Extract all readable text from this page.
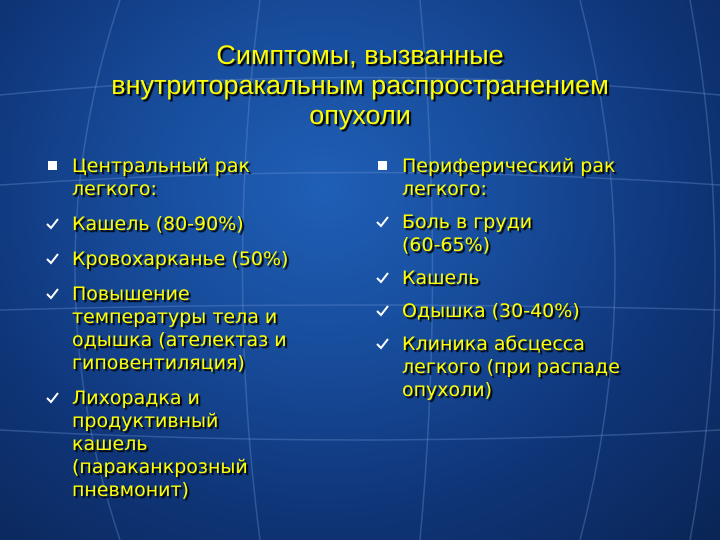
Симптомы, вызванные
внутриторакальным распространением
опухоли
Центральный рак
легкого:
Кашель (80-90%)
Кровохарканье (50%)
Повышение
температуры тела и
одышка (ателектаз и
гиповентиляция)
Лихорадка и
продуктивный
кашель
(параканкрозный
пневмонит)
Периферический рак
легкого:
Боль в груди
(60-65%)
Кашель
Одышка (30-40%)
Клиника абсцесса
легкого (при распаде
опухоли)
